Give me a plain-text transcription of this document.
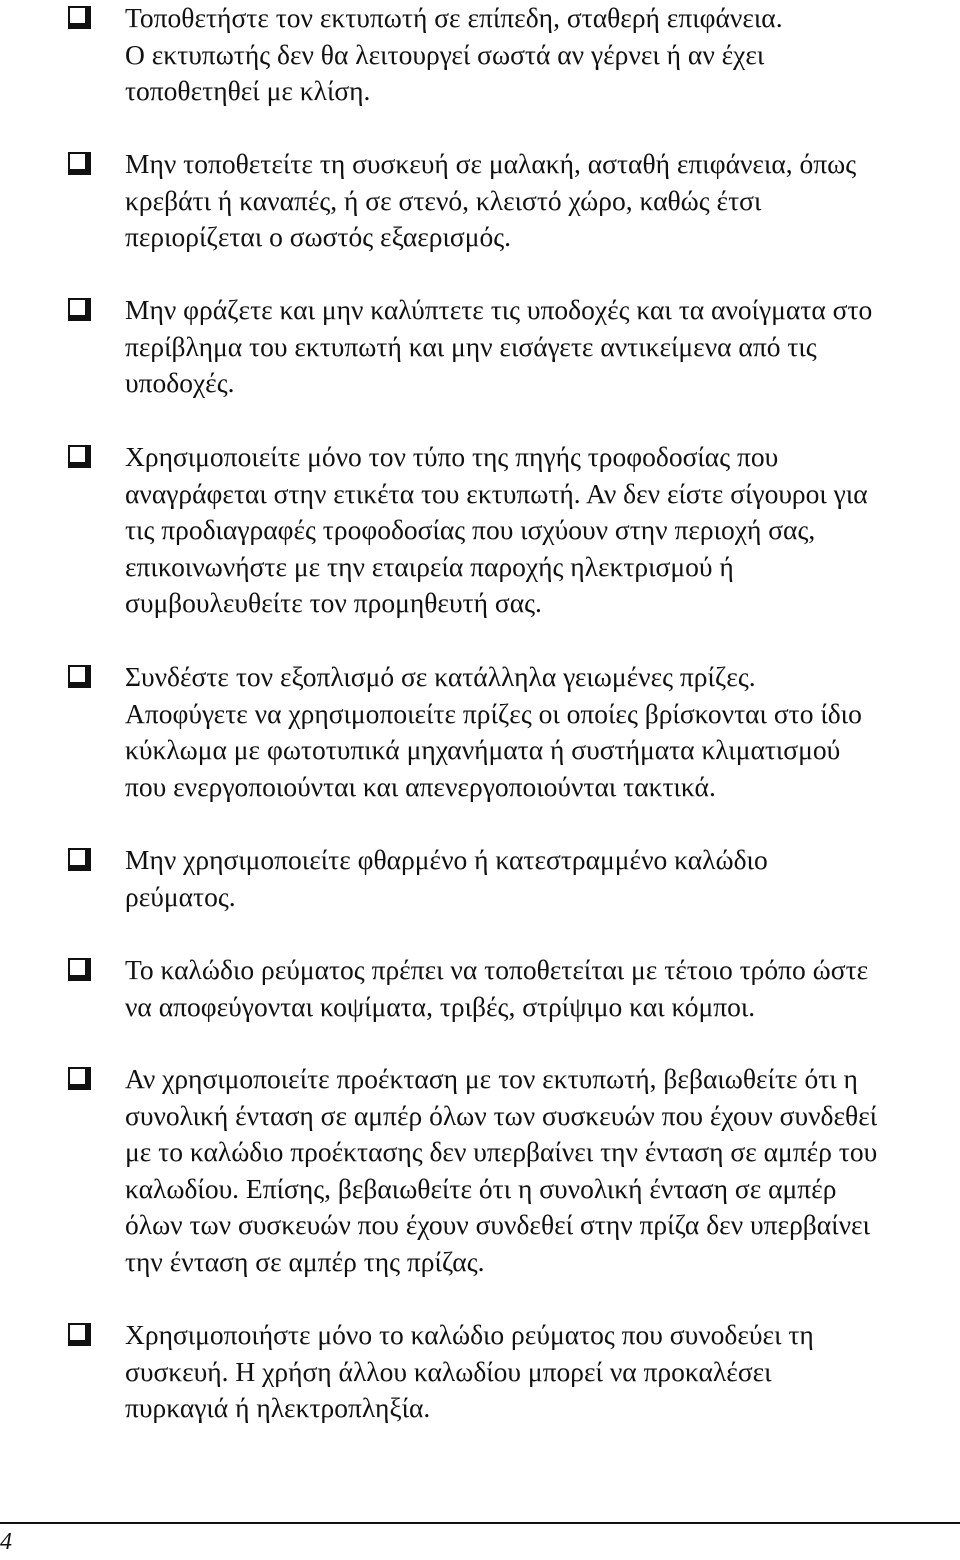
Τοποθετήστε τον εκτυπωτή σε επίπεδη, σταθερή επιφάνεια.
Ο εκτυπωτής δεν θα λειτουργεί σωστά αν γέρνει ή αν έχει
τοποθετηθεί με κλίση.
Μην τοποθετείτε τη συσκευή σε μαλακή, ασταθή επιφάνεια, όπως
κρεβάτι ή καναπές, ή σε στενό, κλειστό χώρο, καθώς έτσι
περιορίζεται ο σωστός εξαερισμός.
Μην φράζετε και μην καλύπτετε τις υποδοχές και τα ανοίγματα στο
περίβλημα του εκτυπωτή και μην εισάγετε αντικείμενα από τις
υποδοχές.
Χρησιμοποιείτε μόνο τον τύπο της πηγής τροφοδοσίας που
αναγράφεται στην ετικέτα του εκτυπωτή. Αν δεν είστε σίγουροι για
τις προδιαγραφές τροφοδοσίας που ισχύουν στην περιοχή σας,
επικοινωνήστε με την εταιρεία παροχής ηλεκτρισμού ή
συμβουλευθείτε τον προμηθευτή σας.
Συνδέστε τον εξοπλισμό σε κατάλληλα γειωμένες πρίζες.
Αποφύγετε να χρησιμοποιείτε πρίζες οι οποίες βρίσκονται στο ίδιο
κύκλωμα με φωτοτυπικά μηχανήματα ή συστήματα κλιματισμού
που ενεργοποιούνται και απενεργοποιούνται τακτικά.
Μην χρησιμοποιείτε φθαρμένο ή κατεστραμμένο καλώδιο
ρεύματος.
Το καλώδιο ρεύματος πρέπει να τοποθετείται με τέτοιο τρόπο ώστε
να αποφεύγονται κοψίματα, τριβές, στρίψιμο και κόμποι.
Αν χρησιμοποιείτε προέκταση με τον εκτυπωτή, βεβαιωθείτε ότι η
συνολική ένταση σε αμπέρ όλων των συσκευών που έχουν συνδεθεί
με το καλώδιο προέκτασης δεν υπερβαίνει την ένταση σε αμπέρ του
καλωδίου. Επίσης, βεβαιωθείτε ότι η συνολική ένταση σε αμπέρ
όλων των συσκευών που έχουν συνδεθεί στην πρίζα δεν υπερβαίνει
την ένταση σε αμπέρ της πρίζας.
Χρησιμοποιήστε μόνο το καλώδιο ρεύματος που συνοδεύει τη
συσκευή. Η χρήση άλλου καλωδίου μπορεί να προκαλέσει
πυρκαγιά ή ηλεκτροπληξία.
4
